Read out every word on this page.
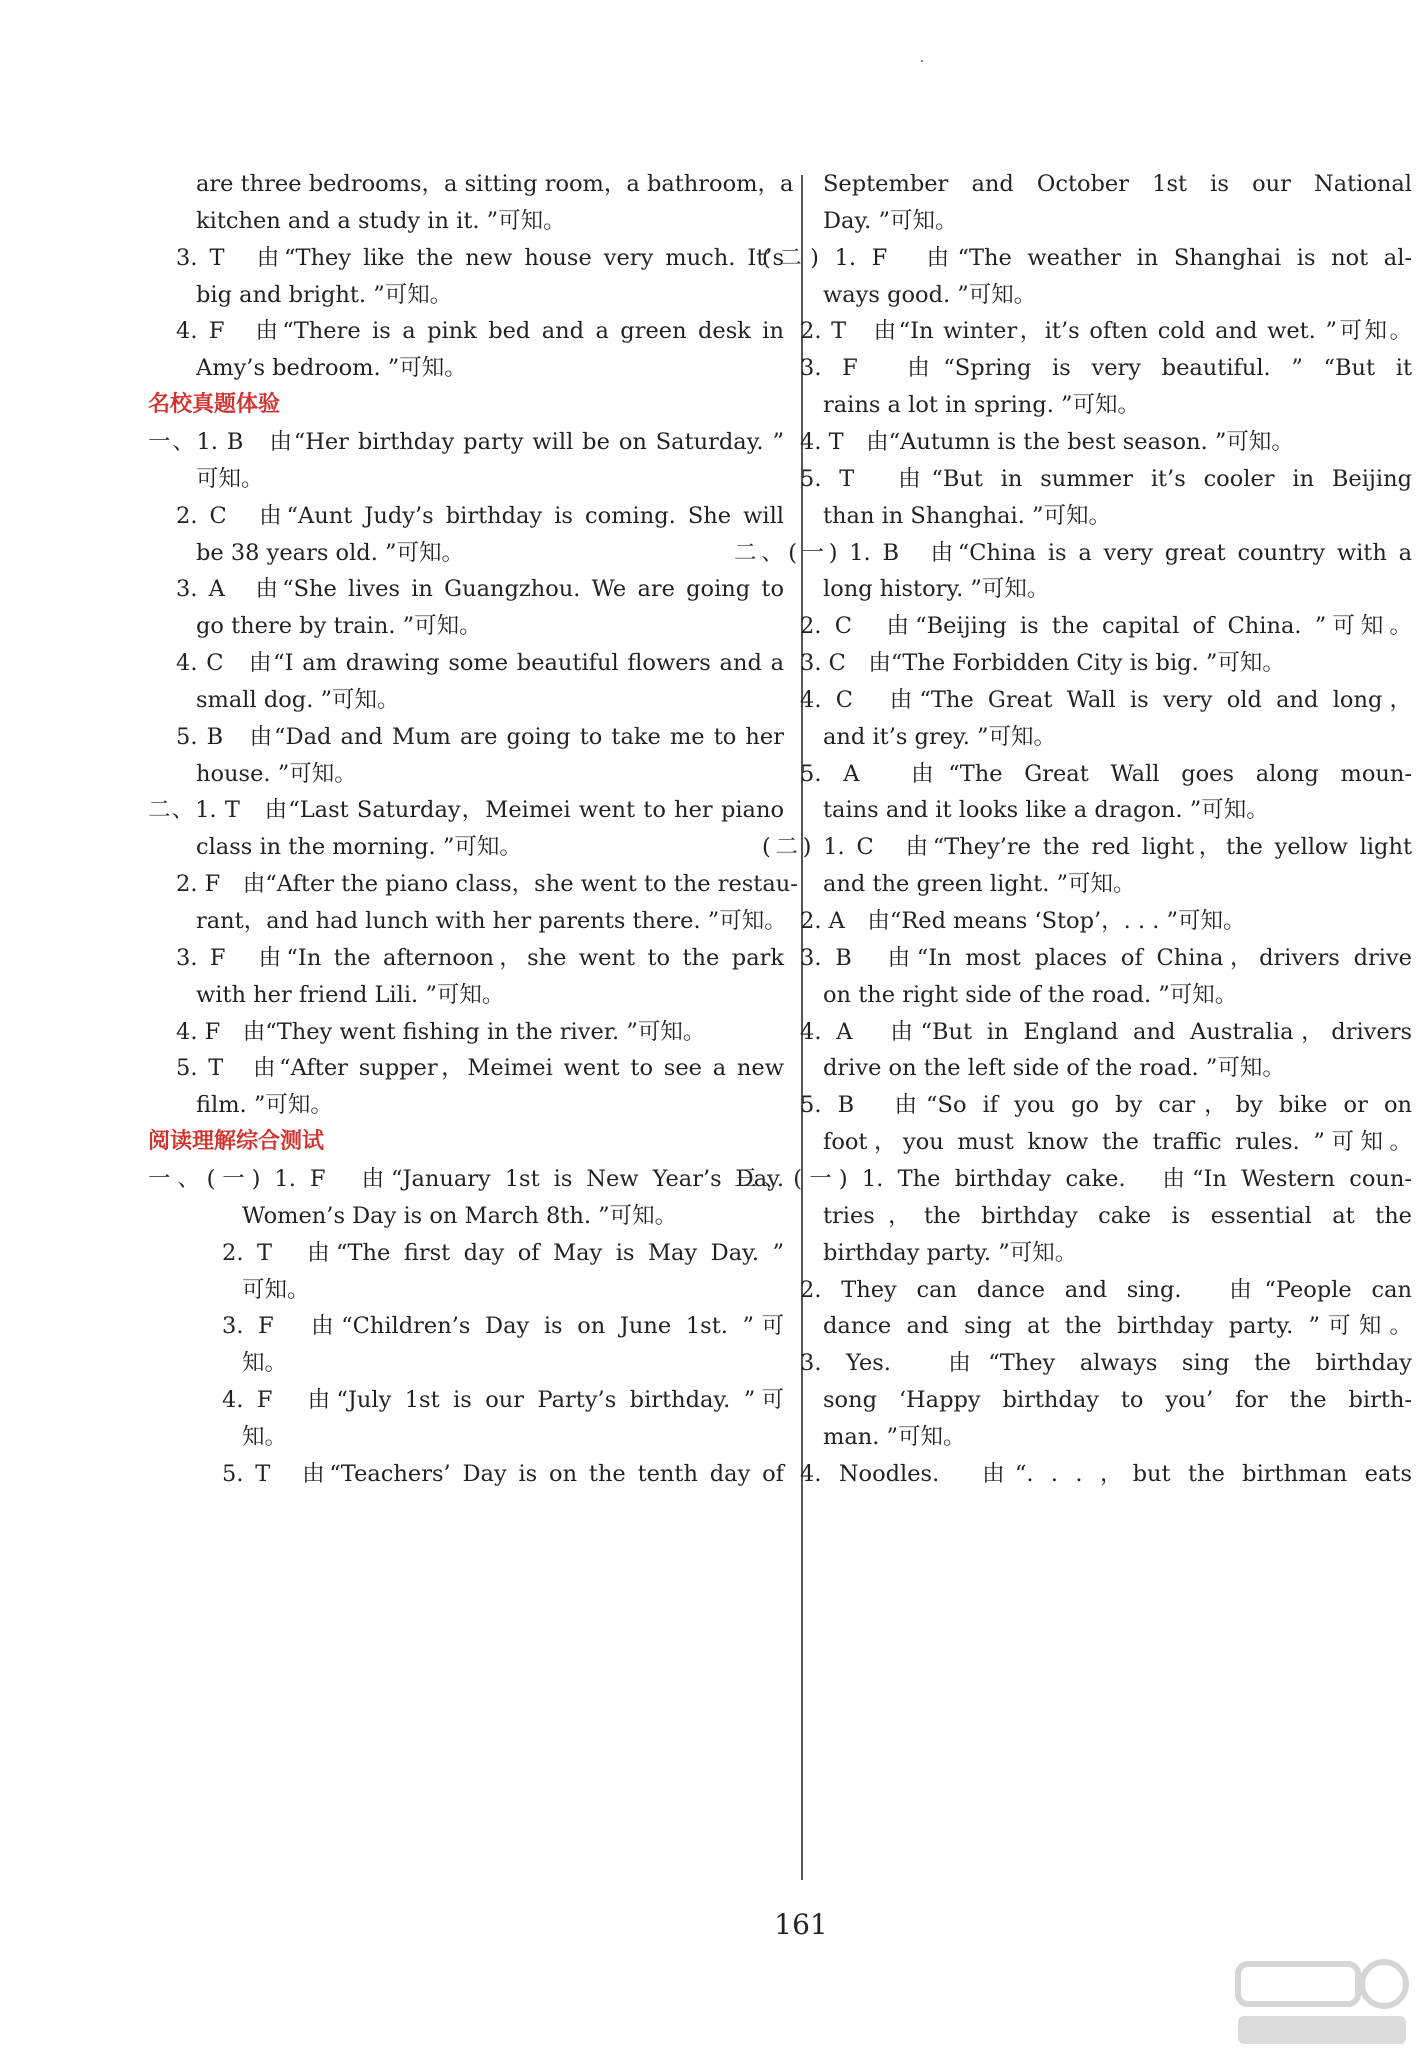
are three bedrooms，a sitting room，a bathroom，a
kitchen and a study in it. ”可知。
3. T　由“They like the new house very much. It’s
big and bright. ”可知。
4. F　由“There is a pink bed and a green desk in
Amy’s bedroom. ”可知。
名校真题体验
一、1. B　由“Her birthday party will be on Saturday. ”
可知。
2. C　由“Aunt Judy’s birthday is coming. She will
be 38 years old. ”可知。
3. A　由“She lives in Guangzhou. We are going to
go there by train. ”可知。
4. C　由“I am drawing some beautiful flowers and a
small dog. ”可知。
5. B　由“Dad and Mum are going to take me to her
house. ”可知。
二、1. T　由“Last Saturday，Meimei went to her piano
class in the morning. ”可知。
2. F　由“After the piano class，she went to the restau-
rant，and had lunch with her parents there. ”可知。
3. F　由“In the afternoon，she went to the park
with her friend Lili. ”可知。
4. F　由“They went fishing in the river. ”可知。
5. T　由“After supper，Meimei went to see a new
film. ”可知。
阅读理解综合测试
一、(一) 1. F　由“January 1st is New Year’s Day.
Women’s Day is on March 8th. ”可知。
2. T　由“The first day of May is May Day. ”
可知。
3. F　由“Children’s Day is on June 1st. ”可
知。
4. F　由“July 1st is our Party’s birthday. ”可
知。
5. T　由“Teachers’ Day is on the tenth day of
September and October 1st is our National
Day. ”可知。
(二) 1. F　由“The weather in Shanghai is not al-
ways good. ”可知。
2. T　由“In winter，it’s often cold and wet. ”可知。
3. F　由“Spring is very beautiful. ” “But it
rains a lot in spring. ”可知。
4. T　由“Autumn is the best season. ”可知。
5. T　由“But in summer it’s cooler in Beijing
than in Shanghai. ”可知。
二、(一) 1. B　由“China is a very great country with a
long history. ”可知。
2. C　由“Beijing is the capital of China. ”可知。
3. C　由“The Forbidden City is big. ”可知。
4. C　由“The Great Wall is very old and long，
and it’s grey. ”可知。
5. A　由“The Great Wall goes along moun-
tains and it looks like a dragon. ”可知。
(二) 1. C　由“They’re the red light，the yellow light
and the green light. ”可知。
2. A　由“Red means ‘Stop’，. . . ”可知。
3. B　由“In most places of China，drivers drive
on the right side of the road. ”可知。
4. A　由“But in England and Australia，drivers
drive on the left side of the road. ”可知。
5. B　由“So if you go by car，by bike or on
foot，you must know the traffic rules. ”可知。
三、(一) 1. The birthday cake.　由“In Western coun-
tries，the birthday cake is essential at the
birthday party. ”可知。
2. They can dance and sing.　由“People can
dance and sing at the birthday party. ”可知。
3. Yes.　由“They always sing the birthday
song ‘Happy birthday to you’ for the birth-
man. ”可知。
4. Noodles.　由“. . . ，but the birthman eats
161
